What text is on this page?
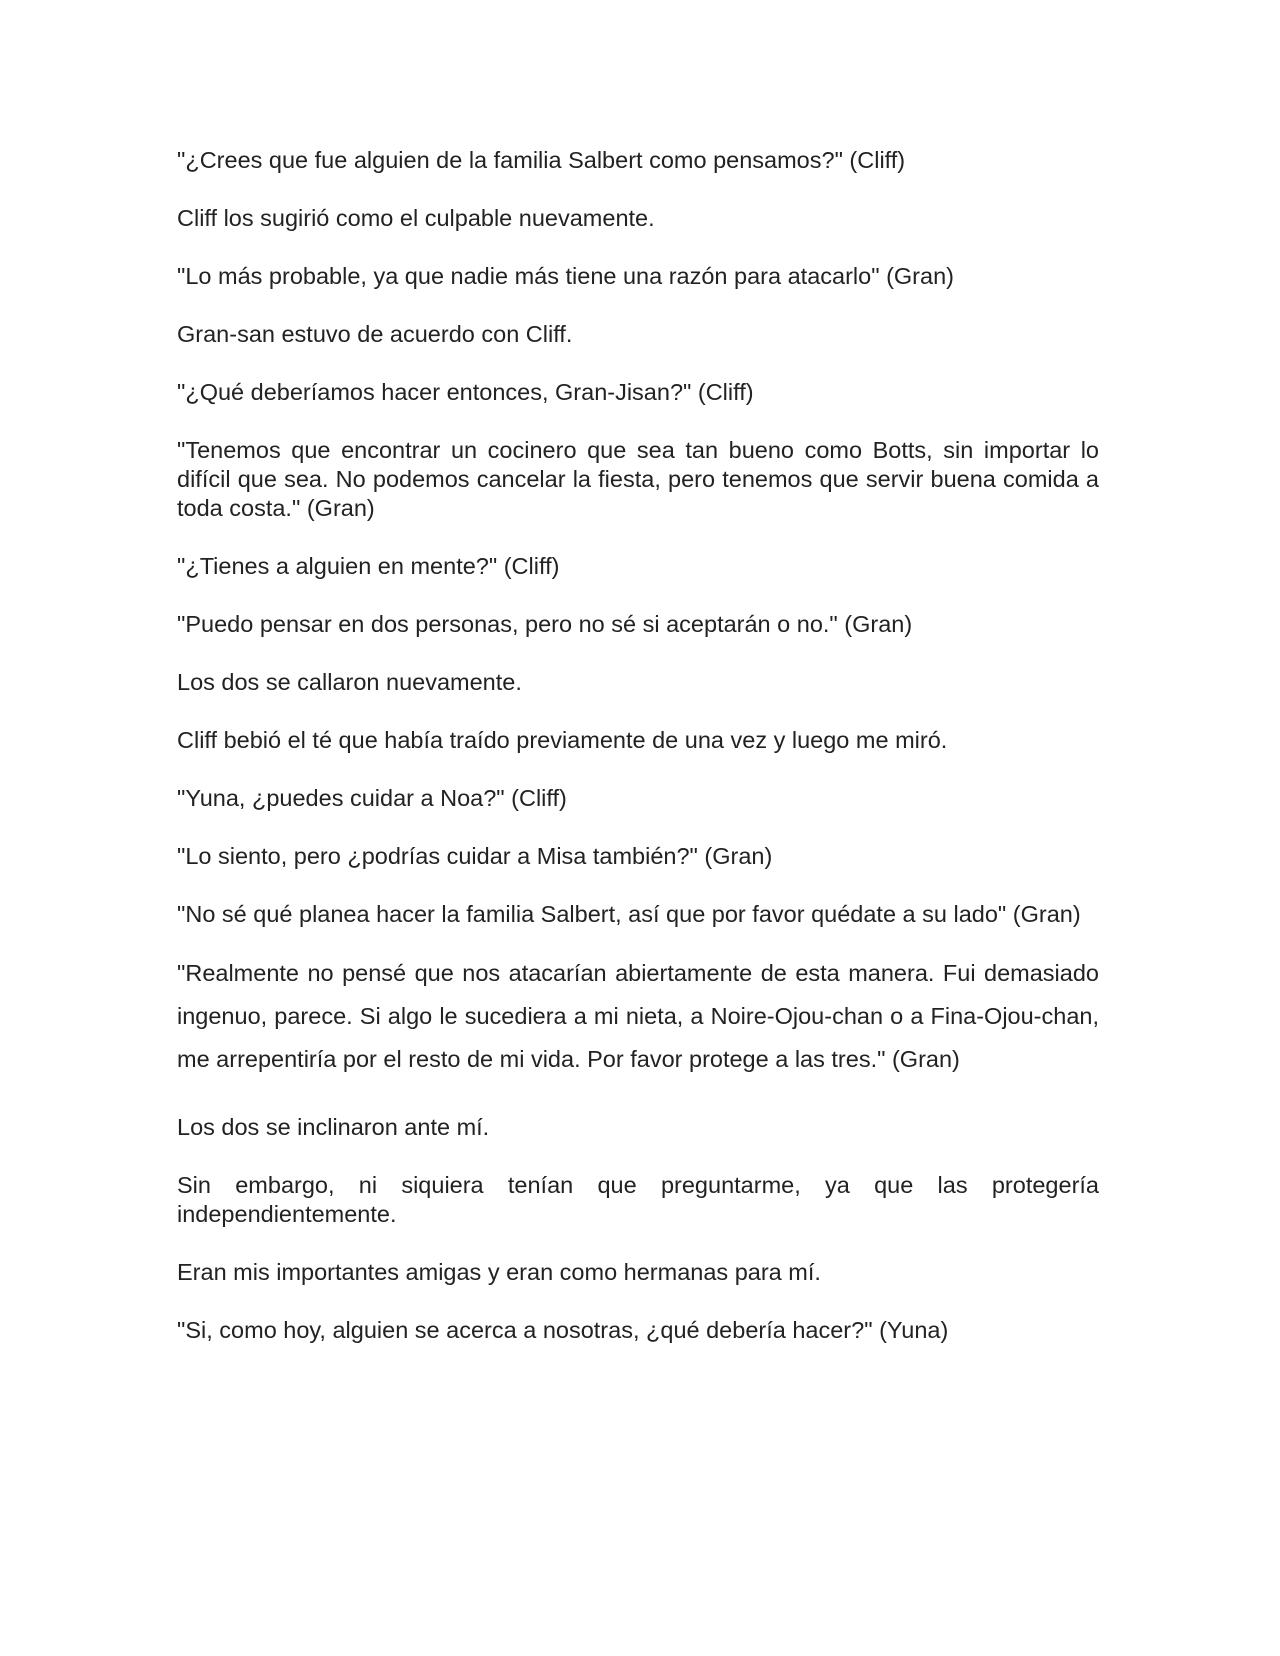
"¿Crees que fue alguien de la familia Salbert como pensamos?" (Cliff)

Cliff los sugirió como el culpable nuevamente.

"Lo más probable, ya que nadie más tiene una razón para atacarlo" (Gran)

Gran-san estuvo de acuerdo con Cliff.

"¿Qué deberíamos hacer entonces, Gran-Jisan?" (Cliff)

"Tenemos que encontrar un cocinero que sea tan bueno como Botts, sin importar lo difícil que sea. No podemos cancelar la fiesta, pero tenemos que servir buena comida a toda costa." (Gran)

"¿Tienes a alguien en mente?" (Cliff)

"Puedo pensar en dos personas, pero no sé si aceptarán o no." (Gran)

Los dos se callaron nuevamente.

Cliff bebió el té que había traído previamente de una vez y luego me miró.

"Yuna, ¿puedes cuidar a Noa?" (Cliff)

"Lo siento, pero ¿podrías cuidar a Misa también?" (Gran)

"No sé qué planea hacer la familia Salbert, así que por favor quédate a su lado" (Gran)

"Realmente no pensé que nos atacarían abiertamente de esta manera. Fui demasiado ingenuo, parece. Si algo le sucediera a mi nieta, a Noire-Ojou-chan o a Fina-Ojou-chan, me arrepentiría por el resto de mi vida. Por favor protege a las tres." (Gran)

Los dos se inclinaron ante mí.

Sin embargo, ni siquiera tenían que preguntarme, ya que las protegería independientemente.

Eran mis importantes amigas y eran como hermanas para mí.

"Si, como hoy, alguien se acerca a nosotras, ¿qué debería hacer?" (Yuna)
